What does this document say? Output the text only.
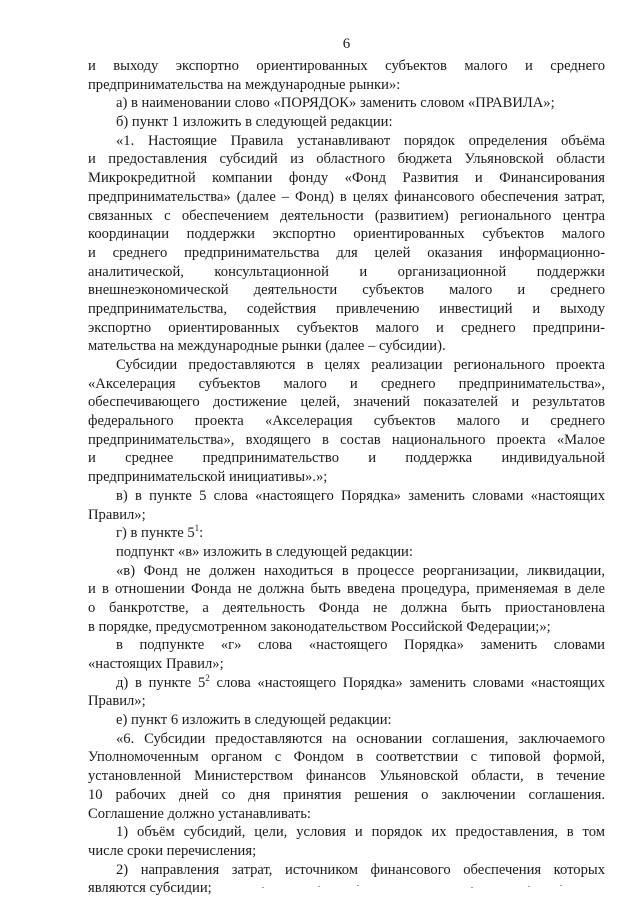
6
и выходу экспортно ориентированных субъектов малого и среднего
предпринимательства на международные рынки»:
а) в наименовании слово «ПОРЯДОК» заменить словом «ПРАВИЛА»;
б) пункт 1 изложить в следующей редакции:
«1. Настоящие Правила устанавливают порядок определения объёма
и предоставления субсидий из областного бюджета Ульяновской области
Микрокредитной компании фонду «Фонд Развития и Финансирования
предпринимательства» (далее – Фонд) в целях финансового обеспечения затрат,
связанных с обеспечением деятельности (развитием) регионального центра
координации поддержки экспортно ориентированных субъектов малого
и среднего предпринимательства для целей оказания информационно-
аналитической, консультационной и организационной поддержки
внешнеэкономической деятельности субъектов малого и среднего
предпринимательства, содействия привлечению инвестиций и выходу
экспортно ориентированных субъектов малого и среднего предприни-
мательства на международные рынки (далее – субсидии).
Субсидии предоставляются в целях реализации регионального проекта
«Акселерация субъектов малого и среднего предпринимательства»,
обеспечивающего достижение целей, значений показателей и результатов
федерального проекта «Акселерация субъектов малого и среднего
предпринимательства», входящего в состав национального проекта «Малое
и среднее предпринимательство и поддержка индивидуальной
предпринимательской инициативы».»;
в) в пункте 5 слова «настоящего Порядка» заменить словами «настоящих
Правил»;
г) в пункте $5^1$:
подпункт «в» изложить в следующей редакции:
«в) Фонд не должен находиться в процессе реорганизации, ликвидации,
и в отношении Фонда не должна быть введена процедура, применяемая в деле
о банкротстве, а деятельность Фонда не должна быть приостановлена
в порядке, предусмотренном законодательством Российской Федерации;»;
в подпункте «г» слова «настоящего Порядка» заменить словами
«настоящих Правил»;
д) в пункте $5^2$ слова «настоящего Порядка» заменить словами «настоящих
Правил»;
е) пункт 6 изложить в следующей редакции:
«6. Субсидии предоставляются на основании соглашения, заключаемого
Уполномоченным органом с Фондом в соответствии с типовой формой,
установленной Министерством финансов Ульяновской области, в течение
10 рабочих дней со дня принятия решения о заключении соглашения.
Соглашение должно устанавливать:
1) объём субсидий, цели, условия и порядок их предоставления, в том
числе сроки перечисления;
2) направления затрат, источником финансового обеспечения которых
являются субсидии;
